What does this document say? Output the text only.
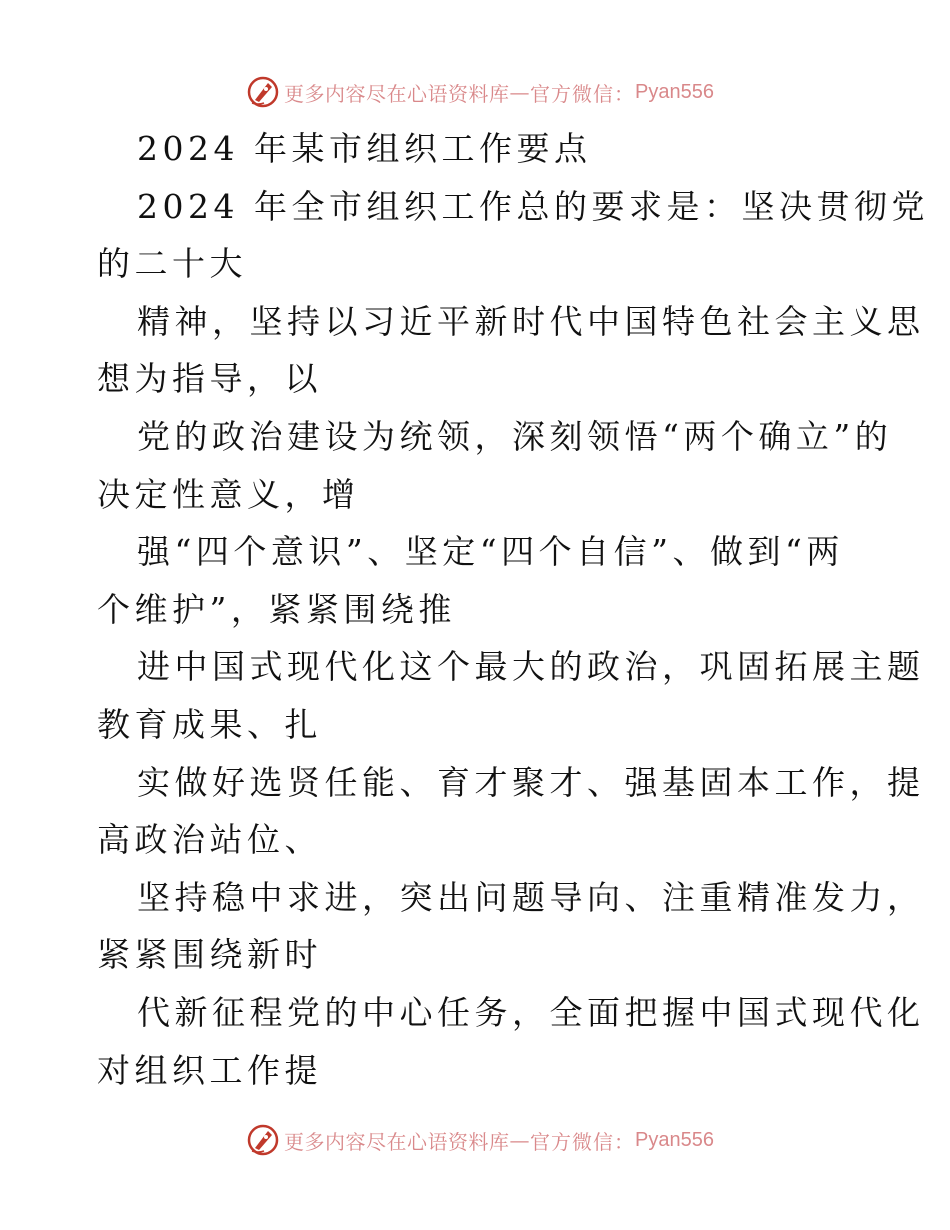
更多内容尽在心语资料库 — 官方微信： Pyan556
2024 年某市组织工作要点
2024 年全市组织工作总的要求是：坚决贯彻党
的二十大
精神，坚持以习近平新时代中国特色社会主义思
想为指导，以
党的政治建设为统领，深刻领悟“两个确立”的
决定性意义，增
强“四个意识”、坚定“四个自信”、做到“两
个维护”，紧紧围绕推
进中国式现代化这个最大的政治，巩固拓展主题
教育成果、扎
实做好选贤任能、育才聚才、强基固本工作，提
高政治站位、
坚持稳中求进，突出问题导向、注重精准发力，
紧紧围绕新时
代新征程党的中心任务，全面把握中国式现代化
对组织工作提
更多内容尽在心语资料库 — 官方微信： Pyan556
